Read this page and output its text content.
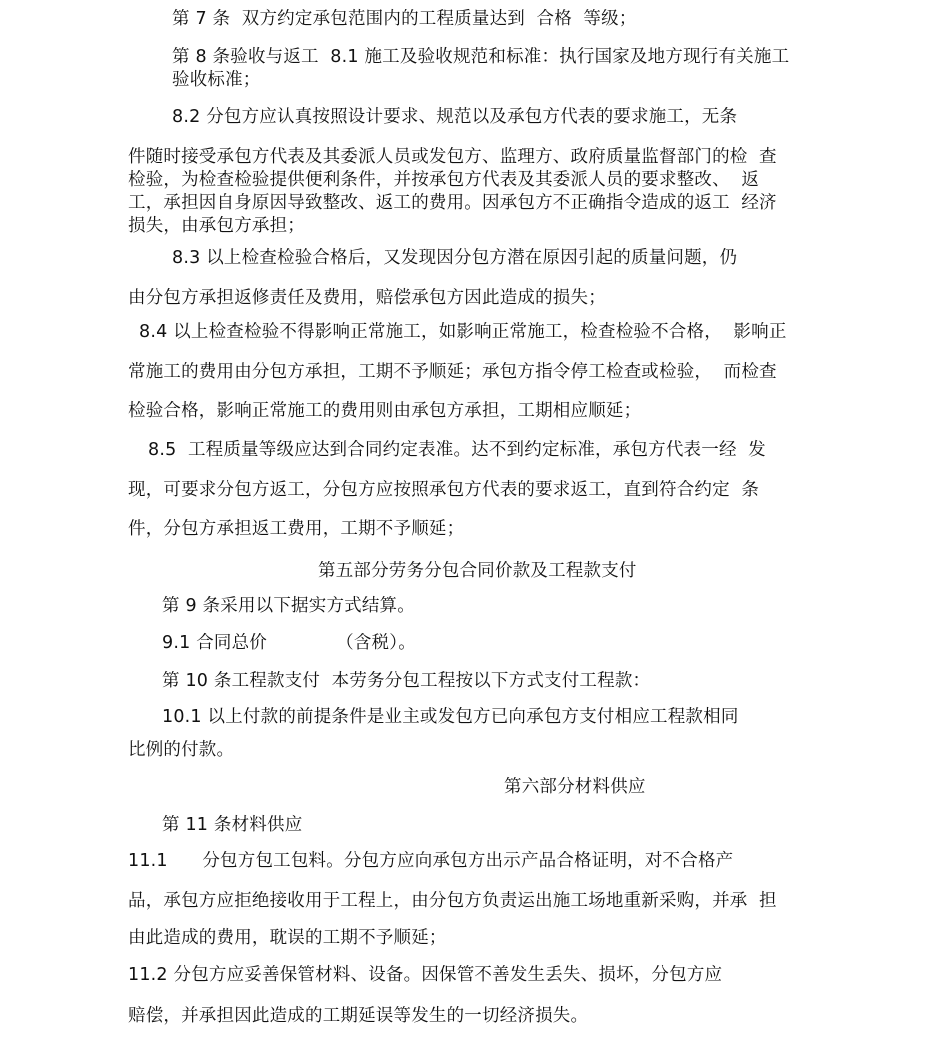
第 7 条  双方约定承包范围内的工程质量达到  合格  等级；
第 8 条验收与返工  8.1 施工及验收规范和标准：执行国家及地方现行有关施工
验收标准；
8.2 分包方应认真按照设计要求、规范以及承包方代表的要求施工，无条
件随时接受承包方代表及其委派人员或发包方、监理方、政府质量监督部门的检  查
检验，为检查检验提供便利条件，并按承包方代表及其委派人员的要求整改、  返
工，承担因自身原因导致整改、返工的费用。因承包方不正确指令造成的返工  经济
损失，由承包方承担；
8.3 以上检查检验合格后，又发现因分包方潜在原因引起的质量问题，仍
由分包方承担返修责任及费用，赔偿承包方因此造成的损失；
8.4 以上检查检验不得影响正常施工，如影响正常施工，检查检验不合格，  影响正
常施工的费用由分包方承担，工期不予顺延；承包方指令停工检查或检验，  而检查
检验合格，影响正常施工的费用则由承包方承担，工期相应顺延；
8.5  工程质量等级应达到合同约定表准。达不到约定标准，承包方代表一经  发
现，可要求分包方返工，分包方应按照承包方代表的要求返工，直到符合约定  条
件，分包方承担返工费用，工期不予顺延；
第五部分劳务分包合同价款及工程款支付
第 9 条采用以下据实方式结算。
9.1 合同总价            （含税）。
第 10 条工程款支付  本劳务分包工程按以下方式支付工程款：
10.1 以上付款的前提条件是业主或发包方已向承包方支付相应工程款相同
比例的付款。
第六部分材料供应
第 11 条材料供应
11.1      分包方包工包料。分包方应向承包方出示产品合格证明，对不合格产
品，承包方应拒绝接收用于工程上，由分包方负责运出施工场地重新采购，并承  担
由此造成的费用，耽误的工期不予顺延；
11.2 分包方应妥善保管材料、设备。因保管不善发生丢失、损坏，分包方应
赔偿，并承担因此造成的工期延误等发生的一切经济损失。
